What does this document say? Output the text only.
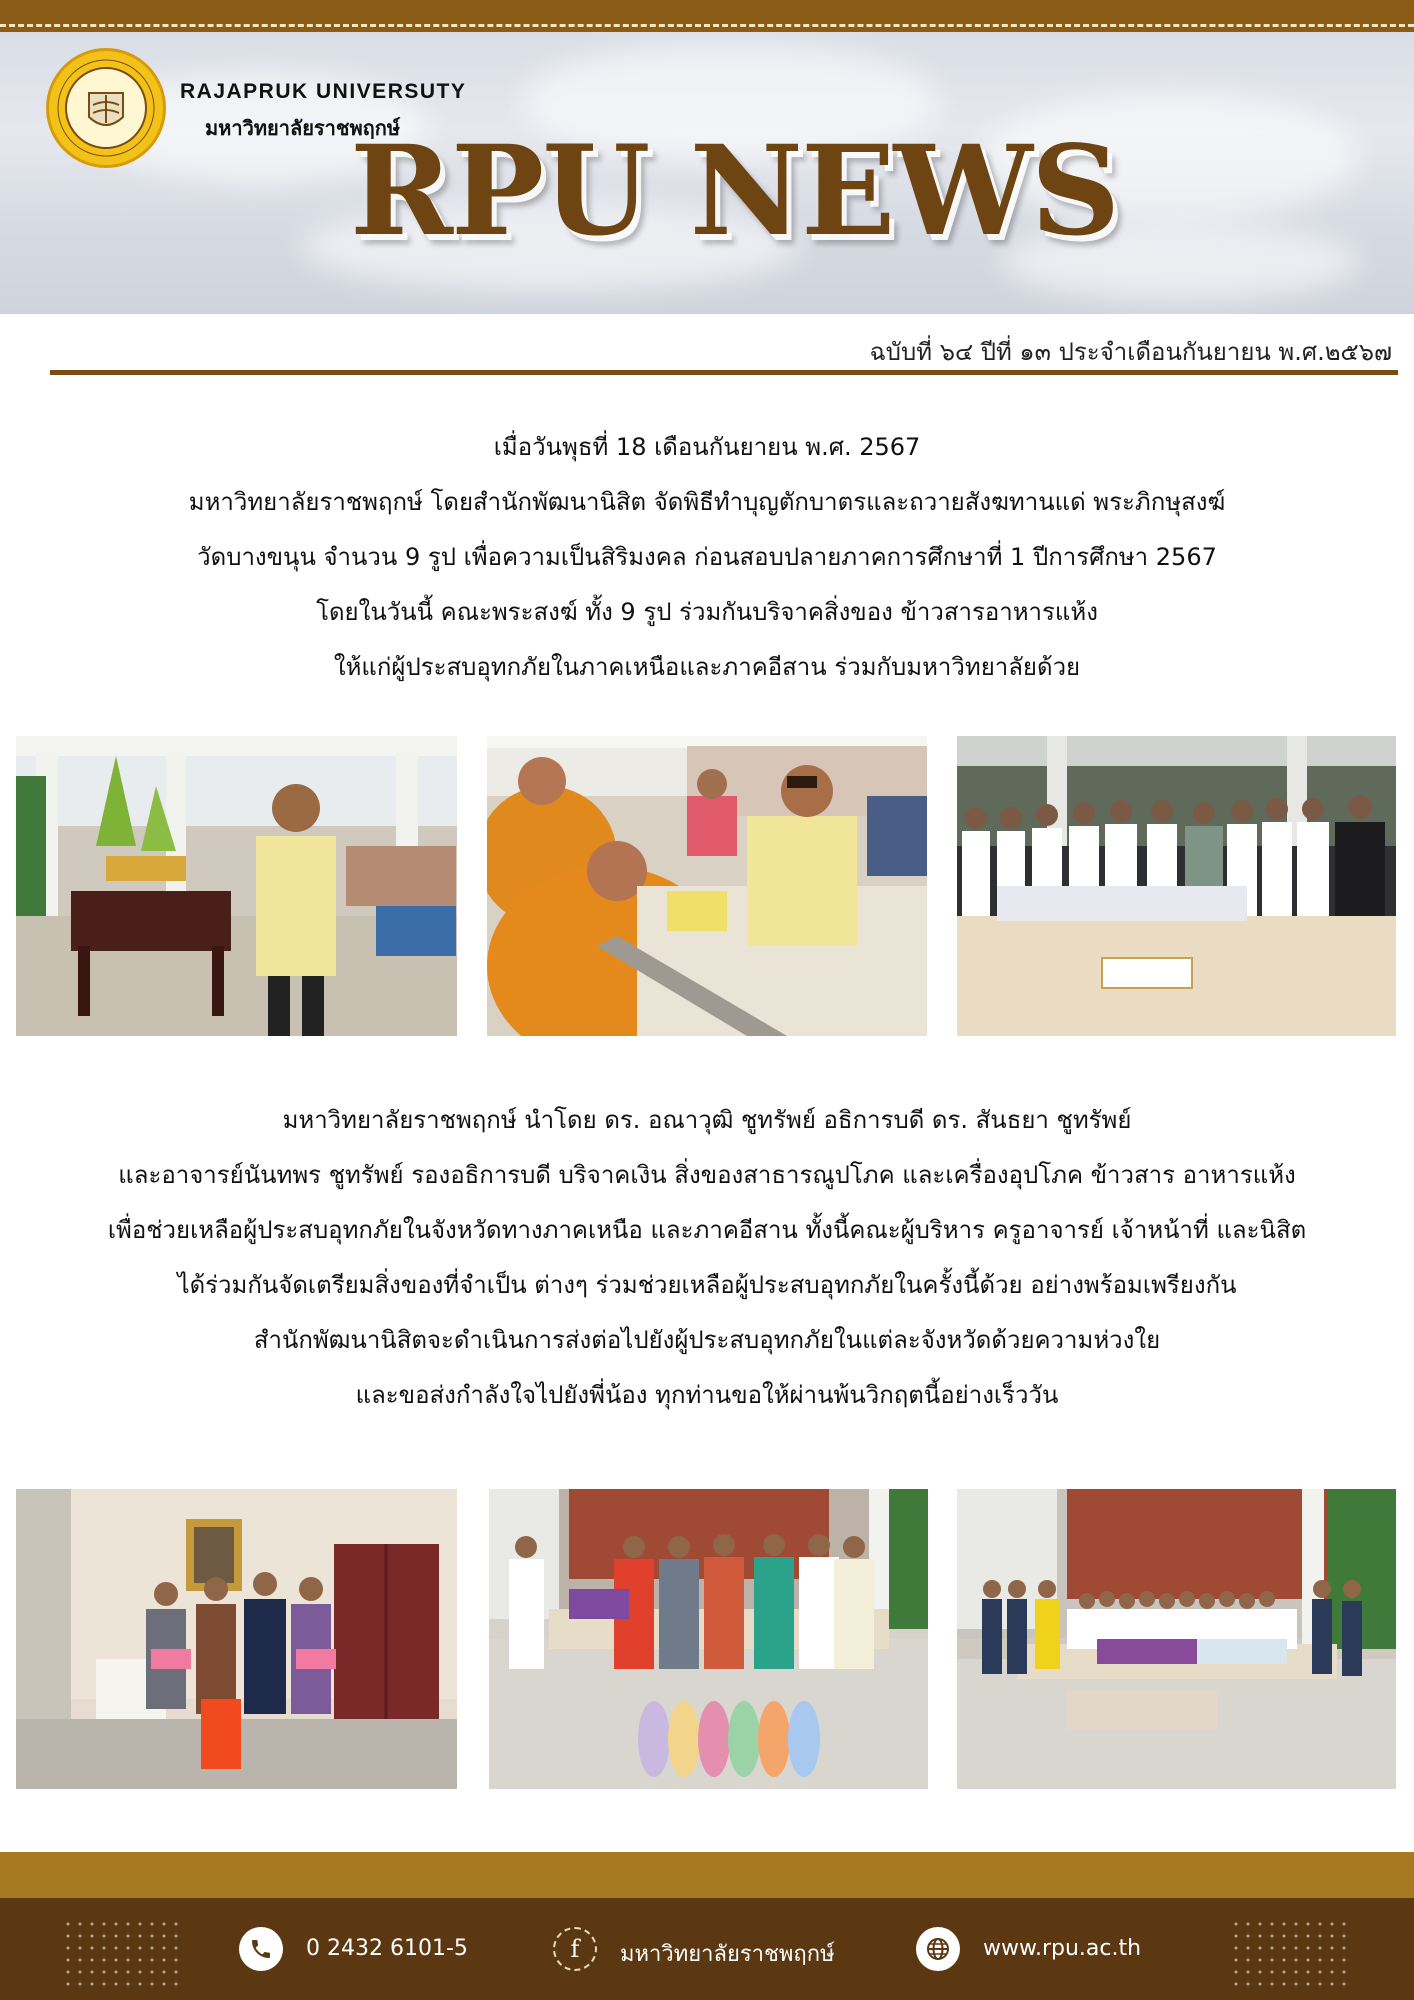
RAJAPRUK UNIVERSUTY
มหาวิทยาลัยราชพฤกษ์
RPU NEWS
ฉบับที่ ๖๔ ปีที่ ๑๓ ประจำเดือนกันยายน พ.ศ.๒๕๖๗
เมื่อวันพุธที่ 18 เดือนกันยายน พ.ศ. 2567
มหาวิทยาลัยราชพฤกษ์ โดยสำนักพัฒนานิสิต จัดพิธีทำบุญตักบาตรและถวายสังฆทานแด่ พระภิกษุสงฆ์
วัดบางขนุน จำนวน 9 รูป เพื่อความเป็นสิริมงคล ก่อนสอบปลายภาคการศึกษาที่ 1 ปีการศึกษา 2567
โดยในวันนี้ คณะพระสงฆ์ ทั้ง 9 รูป ร่วมกันบริจาคสิ่งของ ข้าวสารอาหารแห้ง
ให้แก่ผู้ประสบอุทกภัยในภาคเหนือและภาคอีสาน ร่วมกับมหาวิทยาลัยด้วย
มหาวิทยาลัยราชพฤกษ์ นำโดย ดร. อณาวุฒิ ชูทรัพย์ อธิการบดี ดร. สันธยา ชูทรัพย์
และอาจารย์นันทพร ชูทรัพย์ รองอธิการบดี บริจาคเงิน สิ่งของสาธารณูปโภค และเครื่องอุปโภค ข้าวสาร อาหารแห้ง
เพื่อช่วยเหลือผู้ประสบอุทกภัยในจังหวัดทางภาคเหนือ และภาคอีสาน ทั้งนี้คณะผู้บริหาร ครูอาจารย์ เจ้าหน้าที่ และนิสิต
ได้ร่วมกันจัดเตรียมสิ่งของที่จำเป็น ต่างๆ ร่วมช่วยเหลือผู้ประสบอุทกภัยในครั้งนี้ด้วย อย่างพร้อมเพรียงกัน
สำนักพัฒนานิสิตจะดำเนินการส่งต่อไปยังผู้ประสบอุทกภัยในแต่ละจังหวัดด้วยความห่วงใย
และขอส่งกำลังใจไปยังพี่น้อง ทุกท่านขอให้ผ่านพ้นวิกฤตนี้อย่างเร็ววัน
0 2432 6101-5	f มหาวิทยาลัยราชพฤกษ์	www.rpu.ac.th
